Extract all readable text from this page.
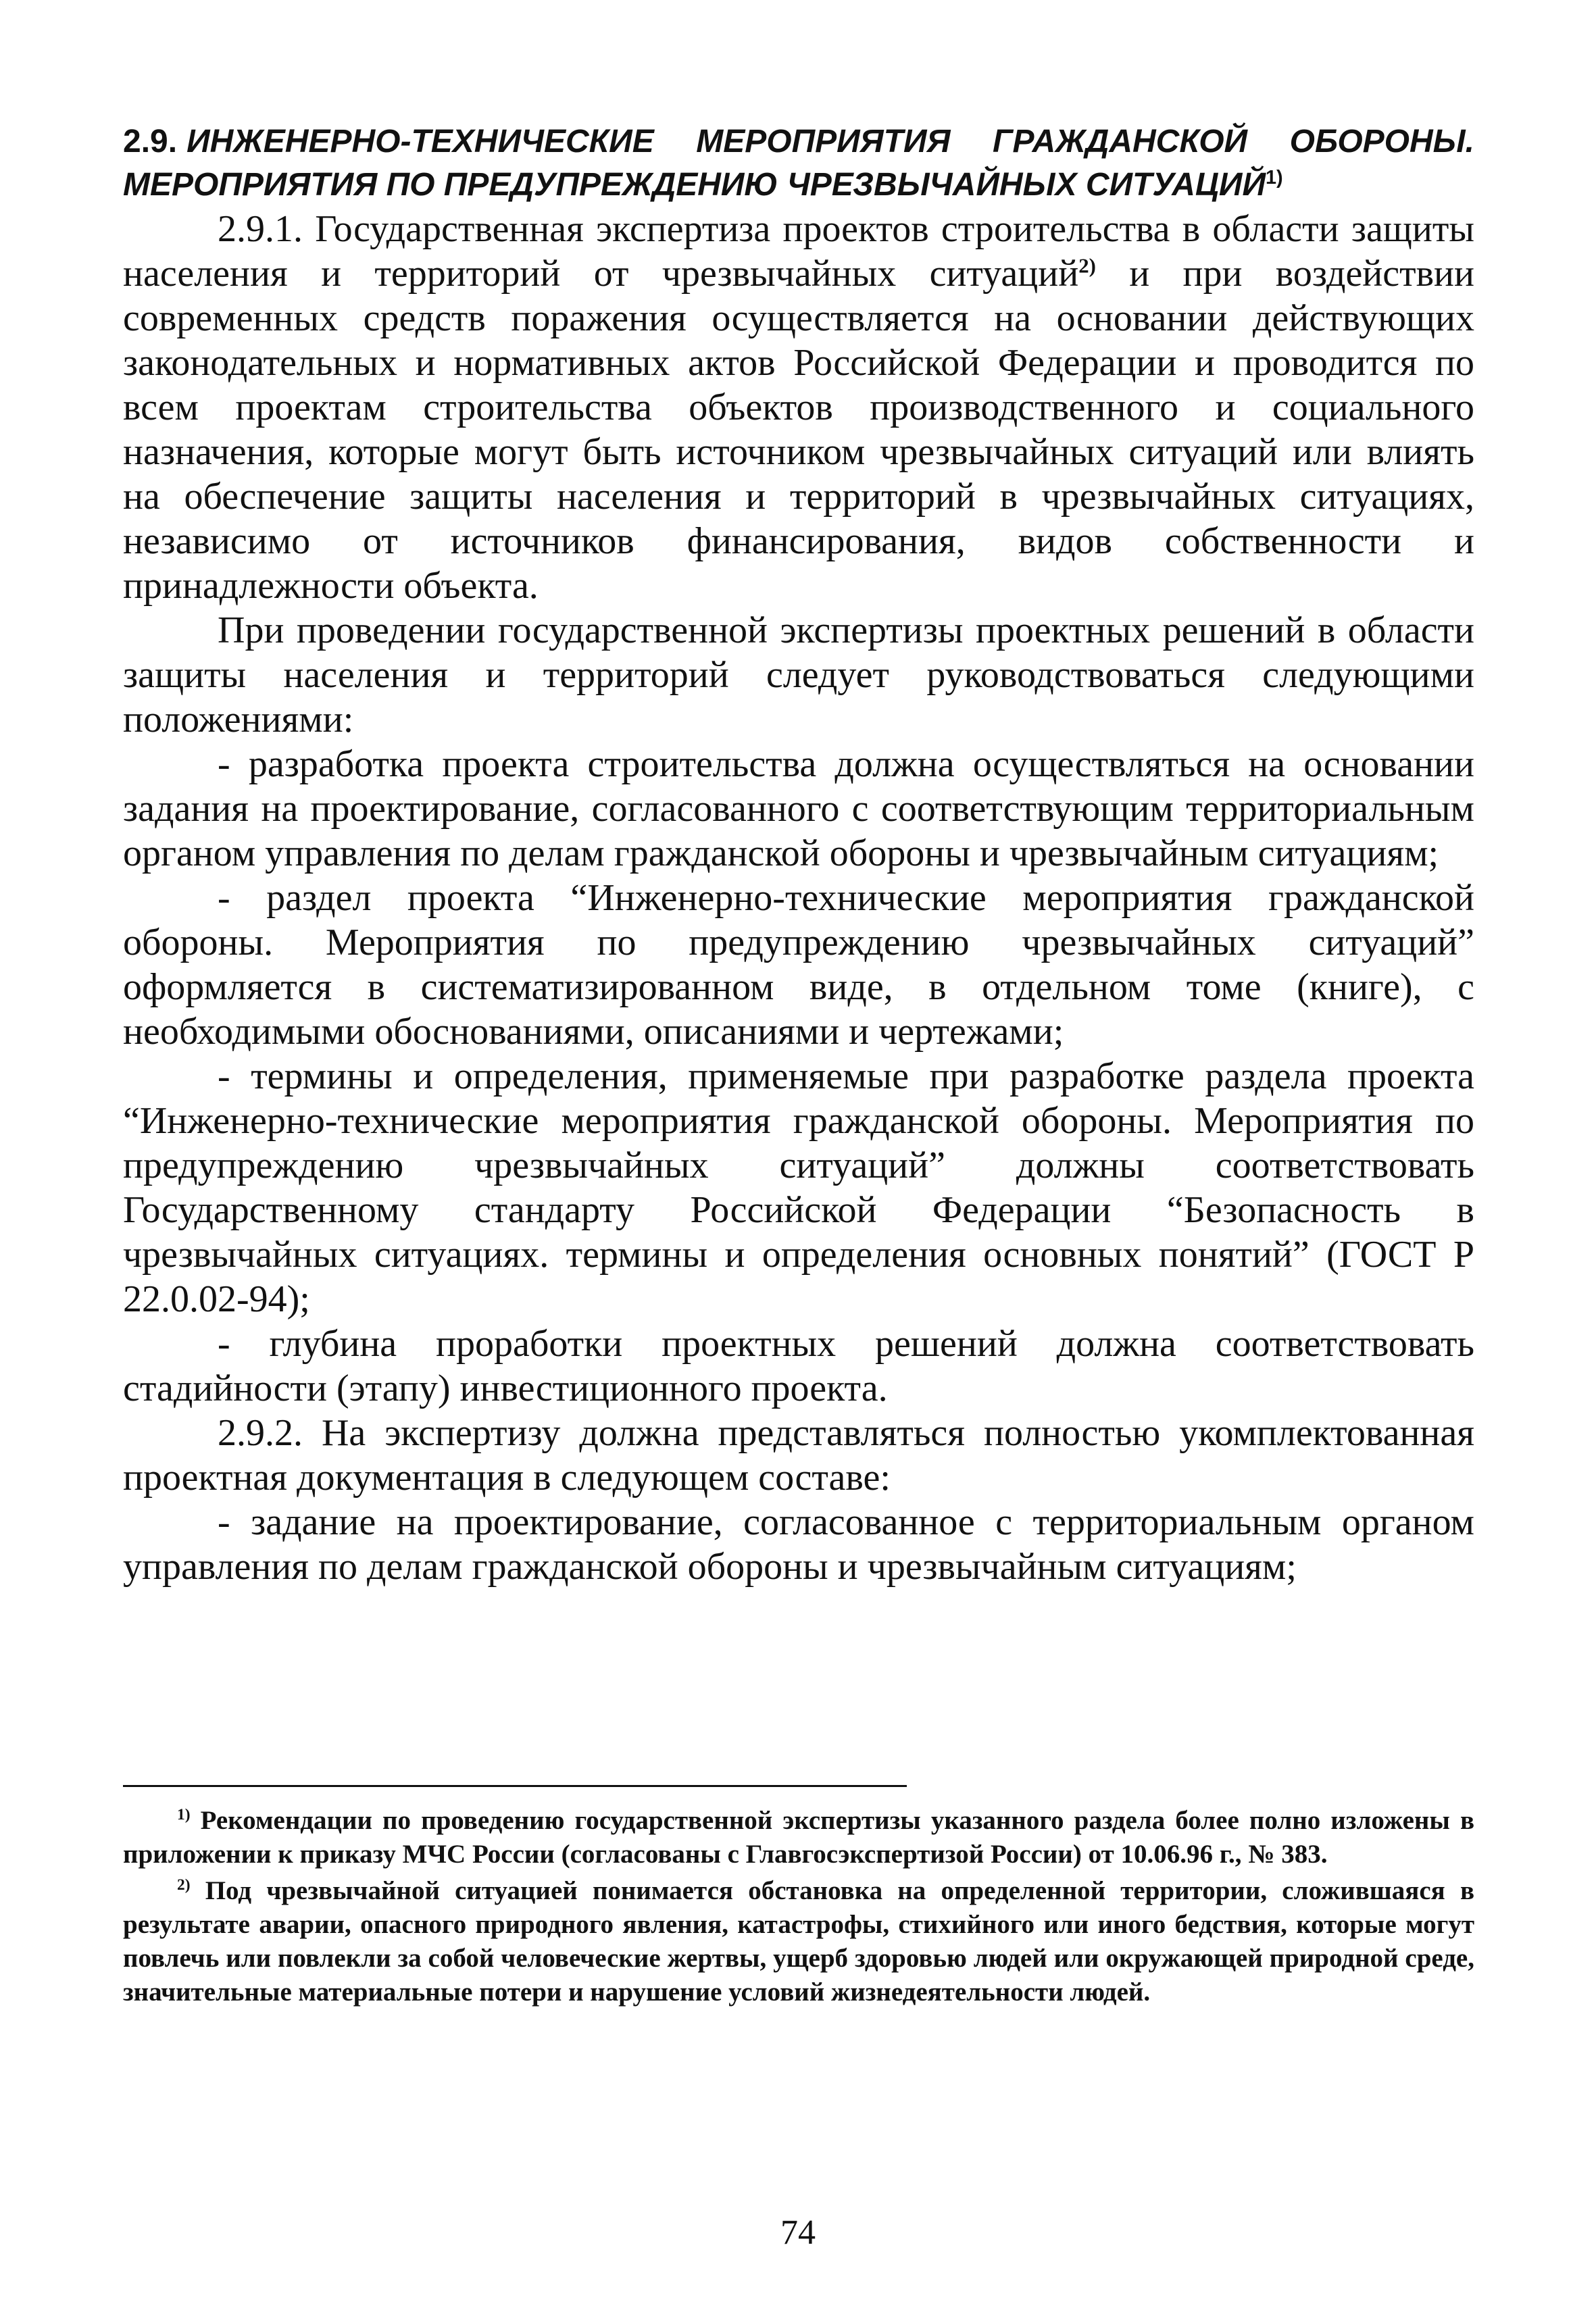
2.9. ИНЖЕНЕРНО-ТЕХНИЧЕСКИЕ МЕРОПРИЯТИЯ ГРАЖДАНСКОЙ ОБОРОНЫ. МЕРОПРИЯТИЯ ПО ПРЕДУПРЕЖДЕНИЮ ЧРЕЗВЫЧАЙНЫХ СИТУАЦИЙ$^{1)}$

2.9.1. Государственная экспертиза проектов строительства в области защиты населения и территорий от чрезвычайных ситуаций$^{2)}$ и при воздействии современных средств поражения осуществляется на основании действующих законодательных и нормативных актов Российской Федерации и проводится по всем проектам строительства объектов производственного и социального назначения, которые могут быть источником чрезвычайных ситуаций или влиять на обеспечение защиты населения и территорий в чрезвычайных ситуациях, независимо от источников финансирования, видов собственности и принадлежности объекта.

При проведении государственной экспертизы проектных решений в области защиты населения и территорий следует руководствоваться следующими положениями:

- разработка проекта строительства должна осуществляться на основании задания на проектирование, согласованного с соответствующим территориальным органом управления по делам гражданской обороны и чрезвычайным ситуациям;

- раздел проекта “Инженерно-технические мероприятия гражданской обороны. Мероприятия по предупреждению чрезвычайных ситуаций” оформляется в систематизированном виде, в отдельном томе (книге), с необходимыми обоснованиями, описаниями и чертежами;

- термины и определения, применяемые при разработке раздела проекта “Инженерно-технические мероприятия гражданской обороны. Мероприятия по предупреждению чрезвычайных ситуаций” должны соответствовать Государственному стандарту Российской Федерации “Безопасность в чрезвычайных ситуациях. термины и определения основных понятий” (ГОСТ Р 22.0.02-94);

- глубина проработки проектных решений должна соответствовать стадийности (этапу) инвестиционного проекта.

2.9.2. На экспертизу должна представляться полностью укомплектованная проектная документация в следующем составе:

- задание на проектирование, согласованное с территориальным органом управления по делам гражданской обороны и чрезвычайным ситуациям;

$^{1)}$ Рекомендации по проведению государственной экспертизы указанного раздела более полно изложены в приложении к приказу МЧС России (согласованы с Главгосэкспертизой России) от 10.06.96 г., № 383.

$^{2)}$ Под чрезвычайной ситуацией понимается обстановка на определенной территории, сложившаяся в результате аварии, опасного природного явления, катастрофы, стихийного или иного бедствия, которые могут повлечь или повлекли за собой человеческие жертвы, ущерб здоровью людей или окружающей природной среде, значительные материальные потери и нарушение условий жизнедеятельности людей.

74
